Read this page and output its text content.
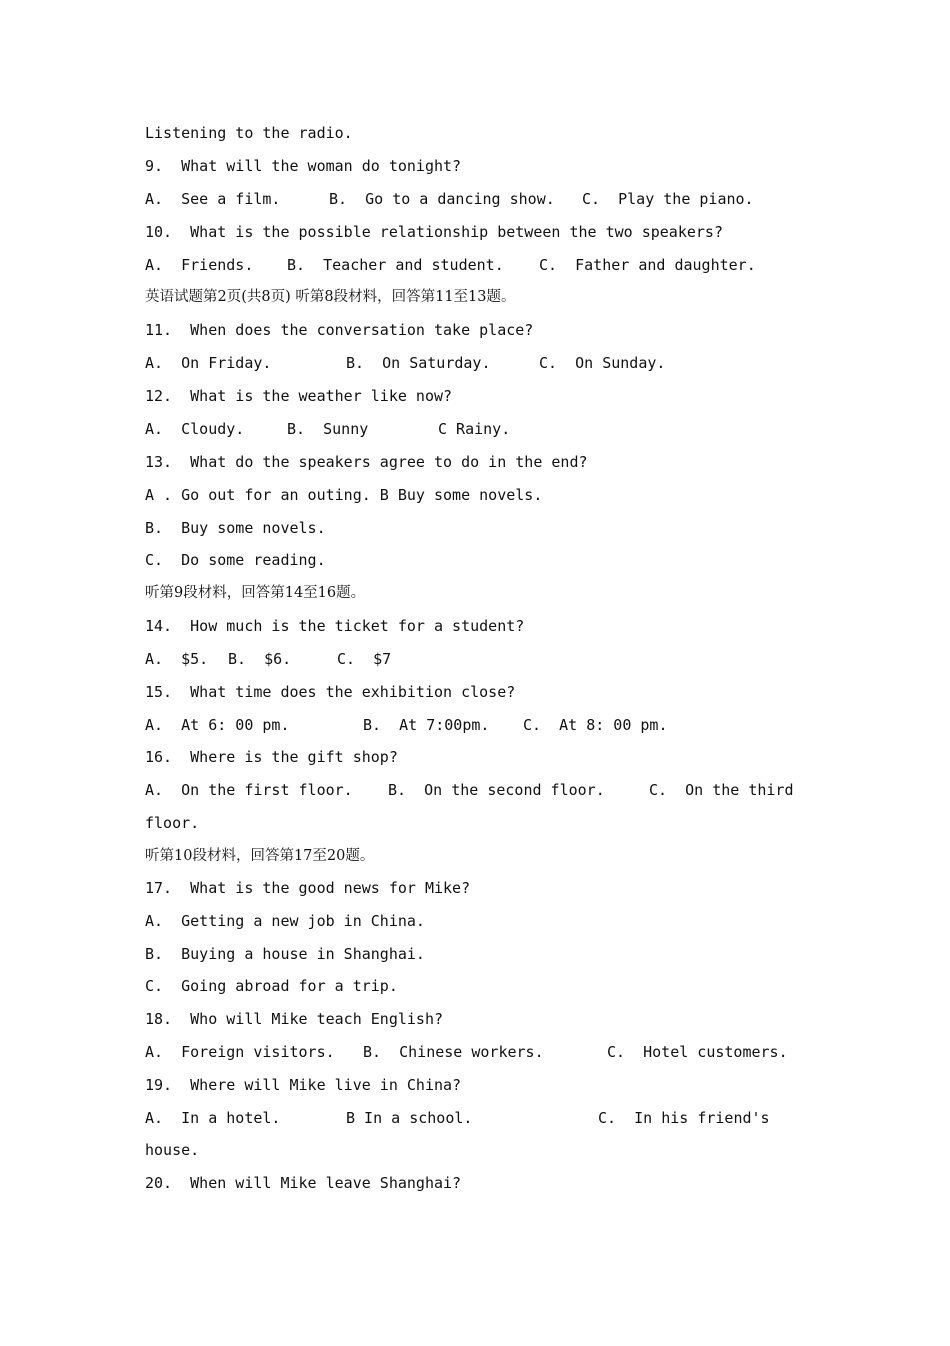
Listening to the radio.
9.  What will the woman do tonight?

A.  See a film.

	B.  Go to a dancing show.

C.  Play the piano.

10.  What is the possible relationship between the two speakers?

A.  Friends.

B.  Teacher and student.

C.  Father and daughter.

英语试题第2页(共8页) 听第8段材料，回答第11至13题。
11.  When does the conversation take place?

A.  On Friday.

	B.  On Saturday.

	C.  On Sunday.

12.  What is the weather like now?

A.  Cloudy.

	B.  Sunny

	C Rainy.

13.  What do the speakers agree to do in the end?
A . Go out for an outing. B Buy some novels.
B.  Buy some novels.
C.  Do some reading.
听第9段材料，回答第14至16题。
14.  How much is the ticket for a student?

A.  $5.

B.  $6.

	C.  $7

15.  What time does the exhibition close?

A.  At 6: 00 pm.

	B.  At 7:00pm.

C.  At 8: 00 pm.

16.  Where is the gift shop?

A.  On the first floor.

B.  On the second floor.

	C.  On the third

floor.
听第10段材料，回答第17至20题。
17.  What is the good news for Mike?
A.  Getting a new job in China.
B.  Buying a house in Shanghai.
C.  Going abroad for a trip.
18.  Who will Mike teach English?

A.  Foreign visitors.

B.  Chinese workers.

	C.  Hotel customers.

19.  Where will Mike live in China?

A.  In a hotel.

	B In a school.

	C.  In his friend's

house.
20.  When will Mike leave Shanghai?
